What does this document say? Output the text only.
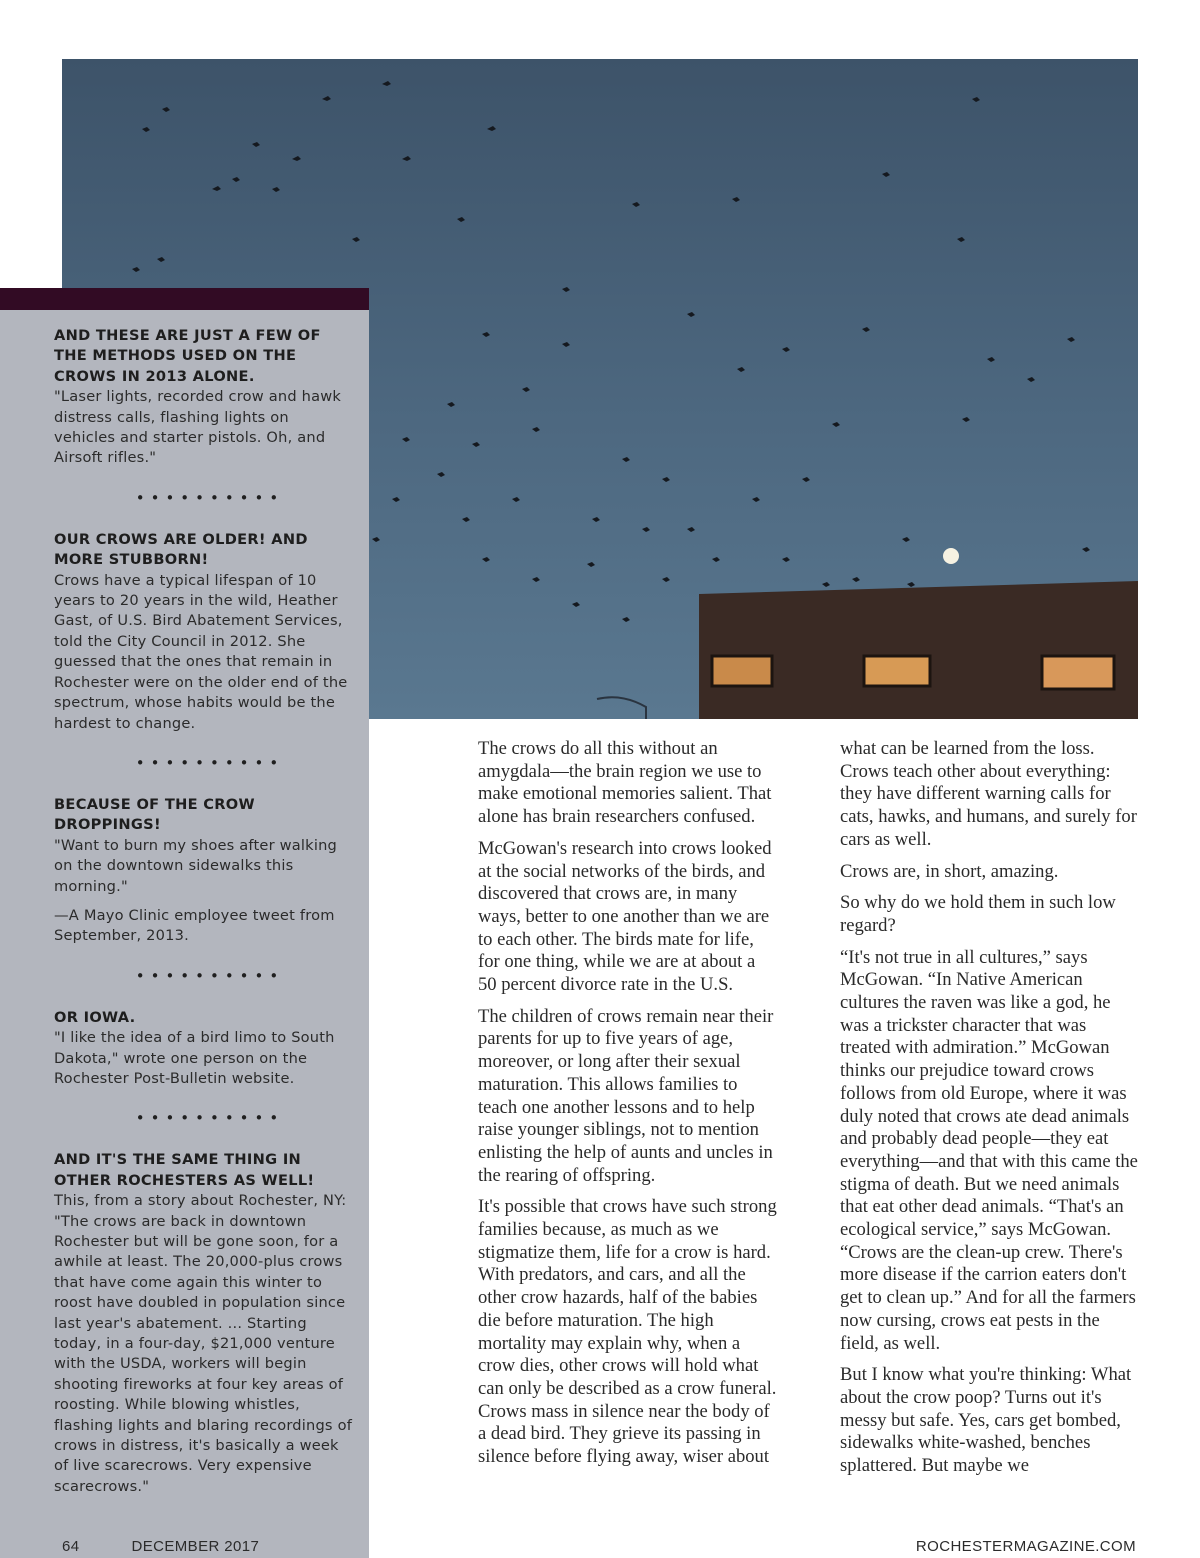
AND THESE ARE JUST A FEW OF THE METHODS USED ON THE CROWS IN 2013 ALONE.
"Laser lights, recorded crow and hawk distress calls, flashing lights on vehicles and starter pistols. Oh, and Airsoft rifles."
••••••••••
OUR CROWS ARE OLDER! AND MORE STUBBORN!
Crows have a typical lifespan of 10 years to 20 years in the wild, Heather Gast, of U.S. Bird Abatement Services, told the City Council in 2012. She guessed that the ones that remain in Rochester were on the older end of the spectrum, whose habits would be the hardest to change.
••••••••••
BECAUSE OF THE CROW DROPPINGS!
"Want to burn my shoes after walking on the downtown sidewalks this morning."
—A Mayo Clinic employee tweet from September, 2013.
••••••••••
OR IOWA.
"I like the idea of a bird limo to South Dakota," wrote one person on the Rochester Post-Bulletin website.
••••••••••
AND IT'S THE SAME THING IN OTHER ROCHESTERS AS WELL!
This, from a story about Rochester, NY: "The crows are back in downtown Rochester but will be gone soon, for a awhile at least. The 20,000-plus crows that have come again this winter to roost have doubled in population since last year's abatement. ... Starting today, in a four-day, $21,000 venture with the USDA, workers will begin shooting fireworks at four key areas of roosting. While blowing whistles, flashing lights and blaring recordings of crows in distress, it's basically a week of live scarecrows. Very expensive scarecrows."

The crows do all this without an amygdala—the brain region we use to make emotional memories salient. That alone has brain researchers confused.

McGowan's research into crows looked at the social networks of the birds, and discovered that crows are, in many ways, better to one another than we are to each other. The birds mate for life, for one thing, while we are at about a 50 percent divorce rate in the U.S.

The children of crows remain near their parents for up to five years of age, moreover, or long after their sexual maturation. This allows families to teach one another lessons and to help raise younger siblings, not to mention enlisting the help of aunts and uncles in the rearing of offspring.

It's possible that crows have such strong families because, as much as we stigmatize them, life for a crow is hard. With predators, and cars, and all the other crow hazards, half of the babies die before maturation. The high mortality may explain why, when a crow dies, other crows will hold what can only be described as a crow funeral. Crows mass in silence near the body of a dead bird. They grieve its passing in silence before flying away, wiser about

what can be learned from the loss. Crows teach other about everything: they have different warning calls for cats, hawks, and humans, and surely for cars as well.

Crows are, in short, amazing.

So why do we hold them in such low regard?

“It's not true in all cultures,” says McGowan. “In Native American cultures the raven was like a god, he was a trickster character that was treated with admiration.” McGowan thinks our prejudice toward crows follows from old Europe, where it was duly noted that crows ate dead animals and probably dead people—they eat everything—and that with this came the stigma of death. But we need animals that eat other dead animals. “That's an ecological service,” says McGowan. “Crows are the clean-up crew. There's more disease if the carrion eaters don't get to clean up.” And for all the farmers now cursing, crows eat pests in the field, as well.

But I know what you're thinking: What about the crow poop? Turns out it's messy but safe. Yes, cars get bombed, sidewalks white-washed, benches splattered. But maybe we

64	DECEMBER 2017	ROCHESTERMAGAZINE.COM
